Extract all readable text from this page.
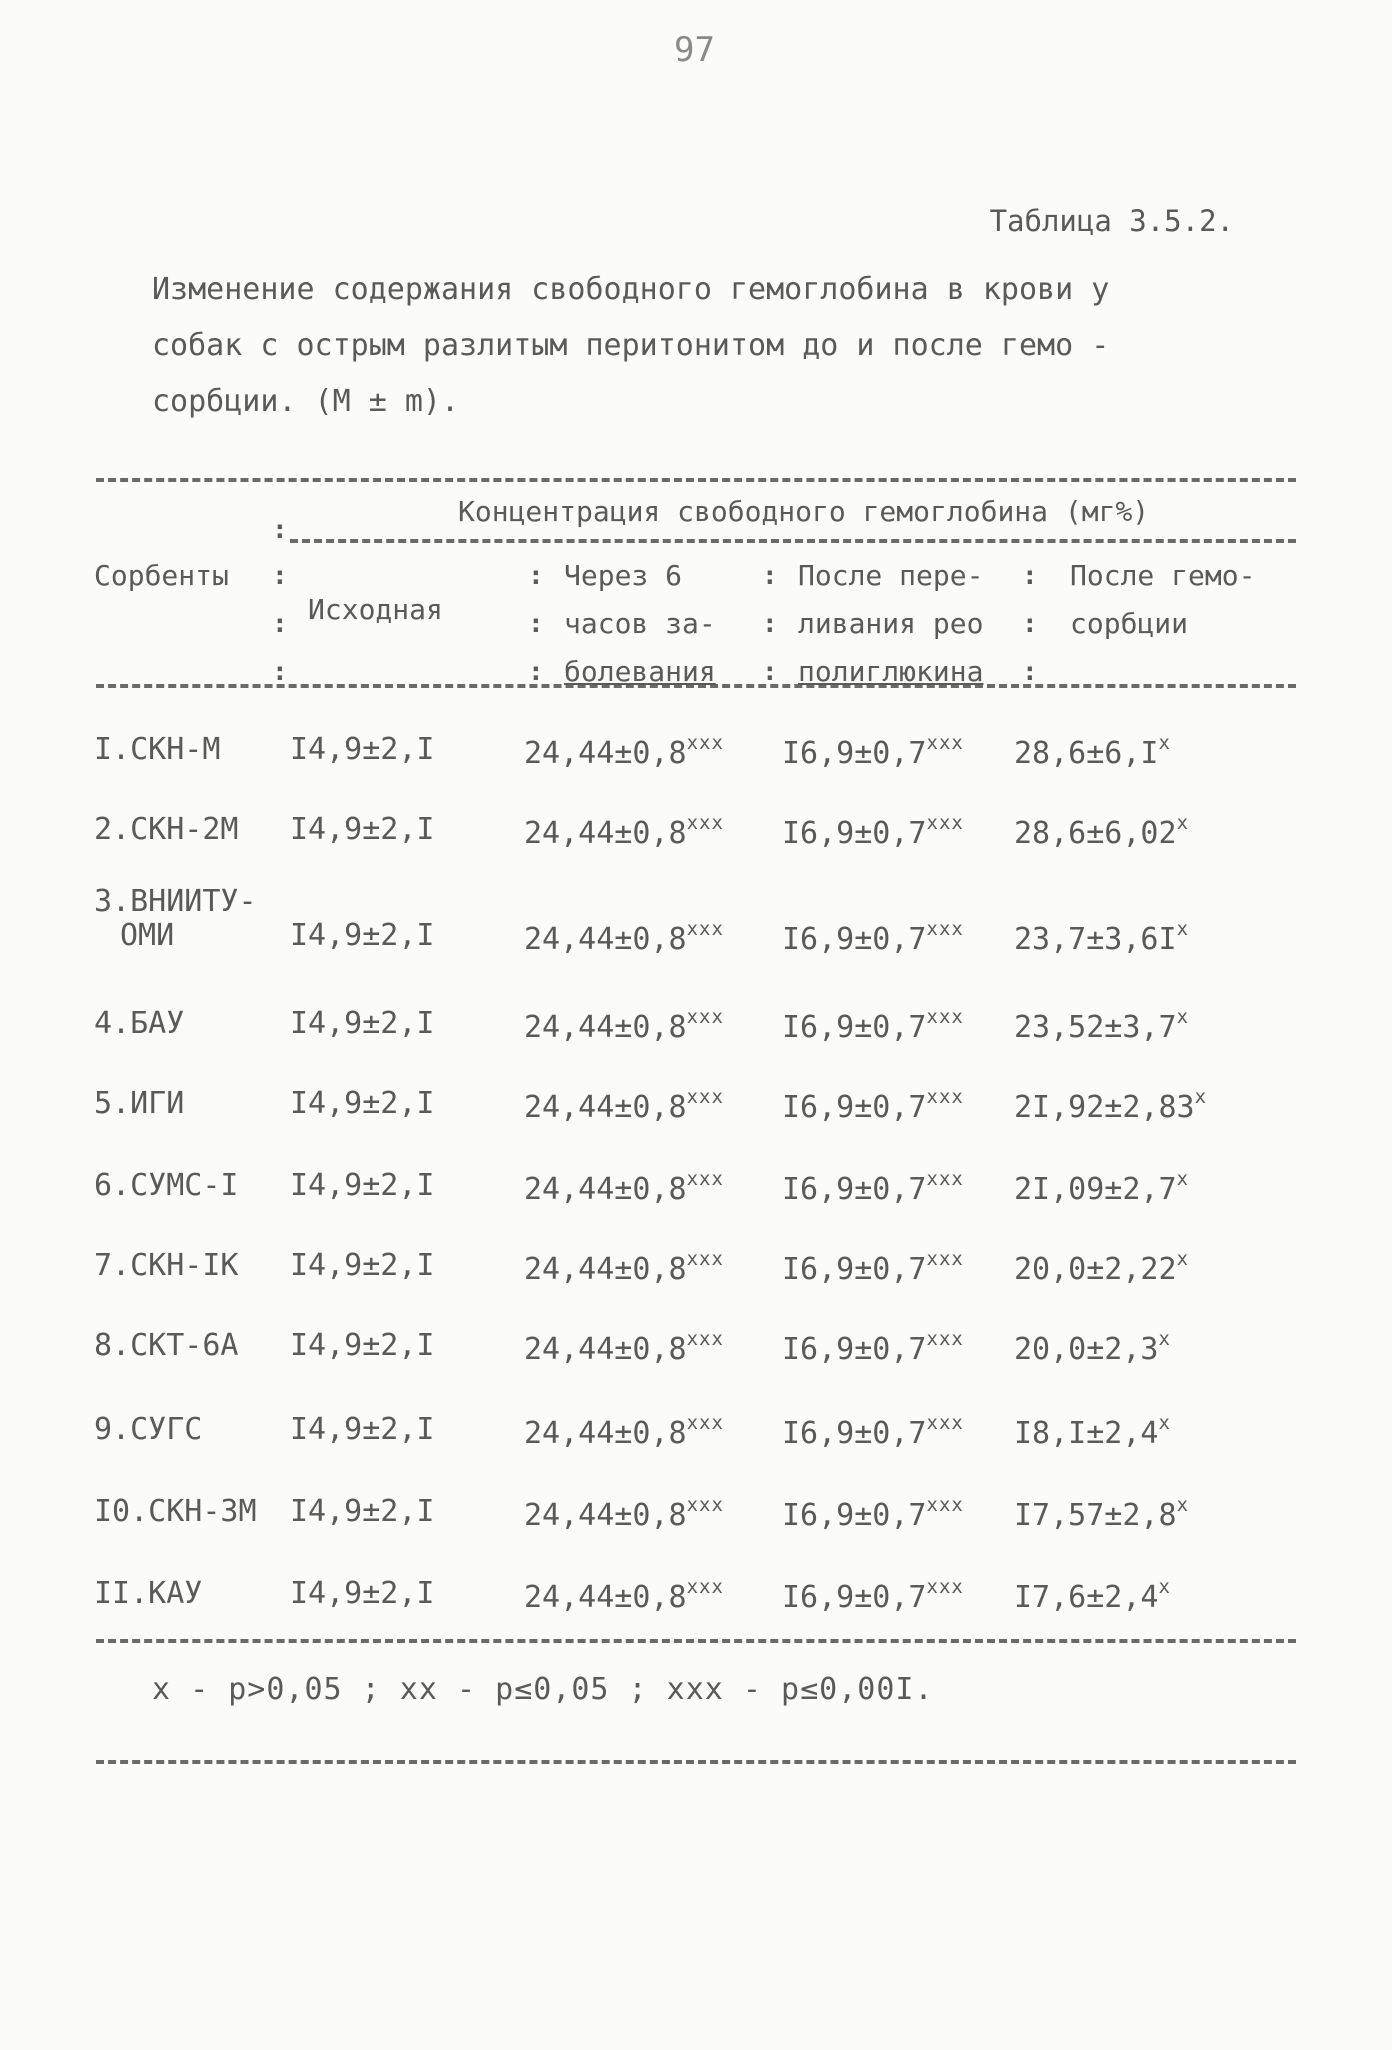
97
Таблица 3.5.2.
Изменение содержания свободного гемоглобина в крови у
собак с острым разлитым перитонитом до и после гемо -
сорбции. (М ± m).
Концентрация свободного гемоглобина (мг%)
:
Сорбенты :
:
:
Исходная
:
:
:
Через 6
часов за-
болевания
:
:
:
После пере-
ливания рео
полиглюкина
:
:
:
После гемо-
сорбции
I.СКН-М I4,9±2,I	$24,44\pm 0,8^{xxx}$ $I6,9\pm 0,7^{xxx}$ $28,6\pm 6,I^x$
2.СКН-2М I4,9±2,I	$24,44\pm 0,8^{xxx}$ $I6,9\pm 0,7^{xxx}$ $28,6\pm 6,02^x$
3.ВНИИТУ-
ОМИ	I4,9±2,I	$24,44\pm 0,8^{xxx}$ $I6,9\pm 0,7^{xxx}$ $23,7\pm 3,6I^x$
4.БАУ	I4,9±2,I	$24,44\pm 0,8^{xxx}$ $I6,9\pm 0,7^{xxx}$ $23,52\pm 3,7^x$
5.ИГИ	I4,9±2,I	$24,44\pm 0,8^{xxx}$ $I6,9\pm 0,7^{xxx}$ $2I,92\pm 2,83^x$
6.СУМС-I I4,9±2,I	$24,44\pm 0,8^{xxx}$ $I6,9\pm 0,7^{xxx}$ $2I,09\pm 2,7^x$
7.СКН-IК I4,9±2,I	$24,44\pm 0,8^{xxx}$ $I6,9\pm 0,7^{xxx}$ $20,0\pm 2,22^x$
8.СКТ-6А I4,9±2,I	$24,44\pm 0,8^{xxx}$ $I6,9\pm 0,7^{xxx}$ $20,0\pm 2,3^x$
9.СУГС	I4,9±2,I	$24,44\pm 0,8^{xxx}$ $I6,9\pm 0,7^{xxx}$ $I8,I\pm 2,4^x$
I0.СКН-3М I4,9±2,I	$24,44\pm 0,8^{xxx}$ $I6,9\pm 0,7^{xxx}$ $I7,57\pm 2,8^x$
II.КАУ	I4,9±2,I	$24,44\pm 0,8^{xxx}$ $I6,9\pm 0,7^{xxx}$ $I7,6\pm 2,4^x$
x - p>0,05 ; xx - p≤0,05 ; xxx - p≤0,00I.
